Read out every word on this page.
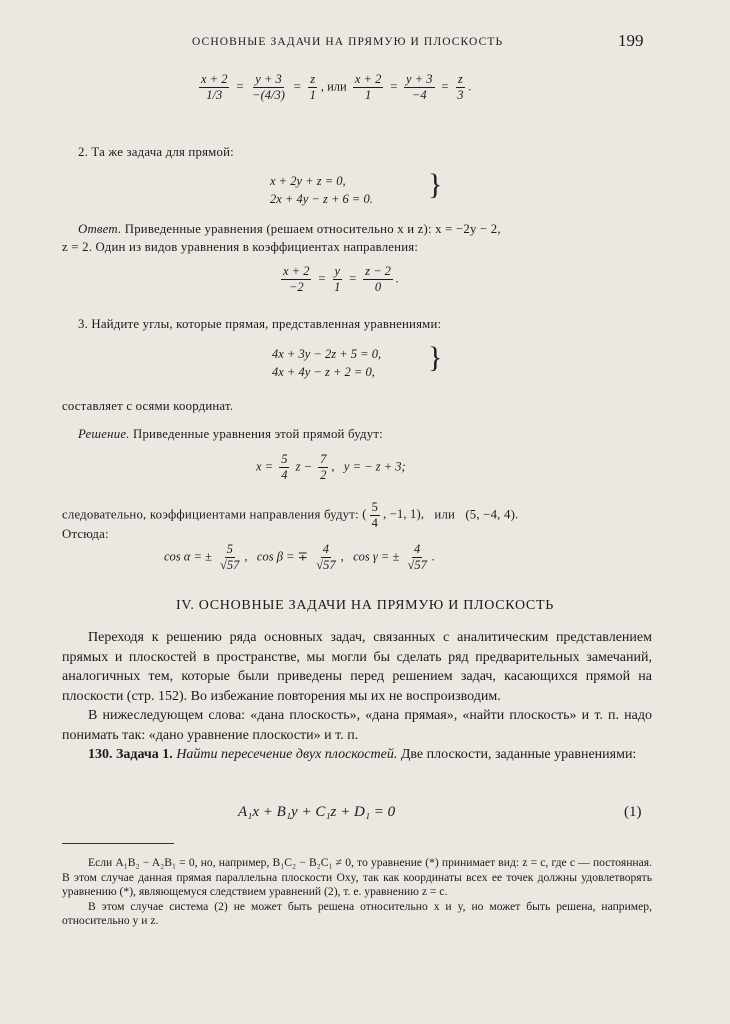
ОСНОВНЫЕ ЗАДАЧИ НА ПРЯМУЮ И ПЛОСКОСТЬ	199
$\frac{x + 2}{1/3} = \frac{y + 3}{-(4/3)} = \frac{z}{1}$ , или $\frac{x + 2}{1} = \frac{y + 3}{-4} = \frac{z}{3}$ .
2. Та же задача для прямой:
x + 2y + z = 0,
2x + 4y − z + 6 = 0. }
Ответ. Приведенные уравнения (решаем относительно x и z): x = −2y − 2,
z = 2. Один из видов уравнения в коэффициентах направления:
$\frac{x + 2}{-2} = \frac{y}{1} = \frac{z - 2}{0}$ .
3. Найдите углы, которые прямая, представленная уравнениями:
4x + 3y − 2z + 5 = 0,
4x + 4y − z + 2 = 0, }
составляет с осями координат.
Решение. Приведенные уравнения этой прямой будут:
$x = \frac{5}{4}$ $z - \frac{7}{2}$ ,   y = − z + 3;
следовательно, коэффициентами направления будут: ( $\frac{5}{4}$ , −1, 1), или (5, −4, 4).
Отсюда:
cos α = ± $\frac{5}{√57}$ ,   cos β = ∓ $\frac{4}{√57}$ ,   cos γ = ± $\frac{4}{√57}$ .
IV. ОСНОВНЫЕ ЗАДАЧИ НА ПРЯМУЮ И ПЛОСКОСТЬ

Переходя к решению ряда основных задач, связанных с аналитическим представлением прямых и плоскостей в пространстве, мы могли бы сделать ряд предварительных замечаний, аналогичных тем, которые были приведены перед решением задач, касающихся прямой на плоскости (стр. 152). Во избежание повторения мы их не воспроизводим.

В нижеследующем слова: «дана плоскость», «дана прямая», «найти плоскость» и т. п. надо понимать так: «дано уравнение плоскости» и т. п.

130. Задача 1. Найти пересечение двух плоскостей. Две плоскости, заданные уравнениями:

A₁x + B₁y + C₁z + D₁ = 0	(1)

Если A₁B₂ − A₂B₁ = 0, но, например, B₁C₂ − B₂C₁ ≠ 0, то уравнение (*) принимает вид: z = c, где c — постоянная. В этом случае данная прямая параллельна плоскости Oxy, так как координаты всех ее точек должны удовлетворять уравнению (*), являющемуся следствием уравнений (2), т. е. уравнению z = c.

В этом случае система (2) не может быть решена относительно x и y, но может быть решена, например, относительно y и z.
